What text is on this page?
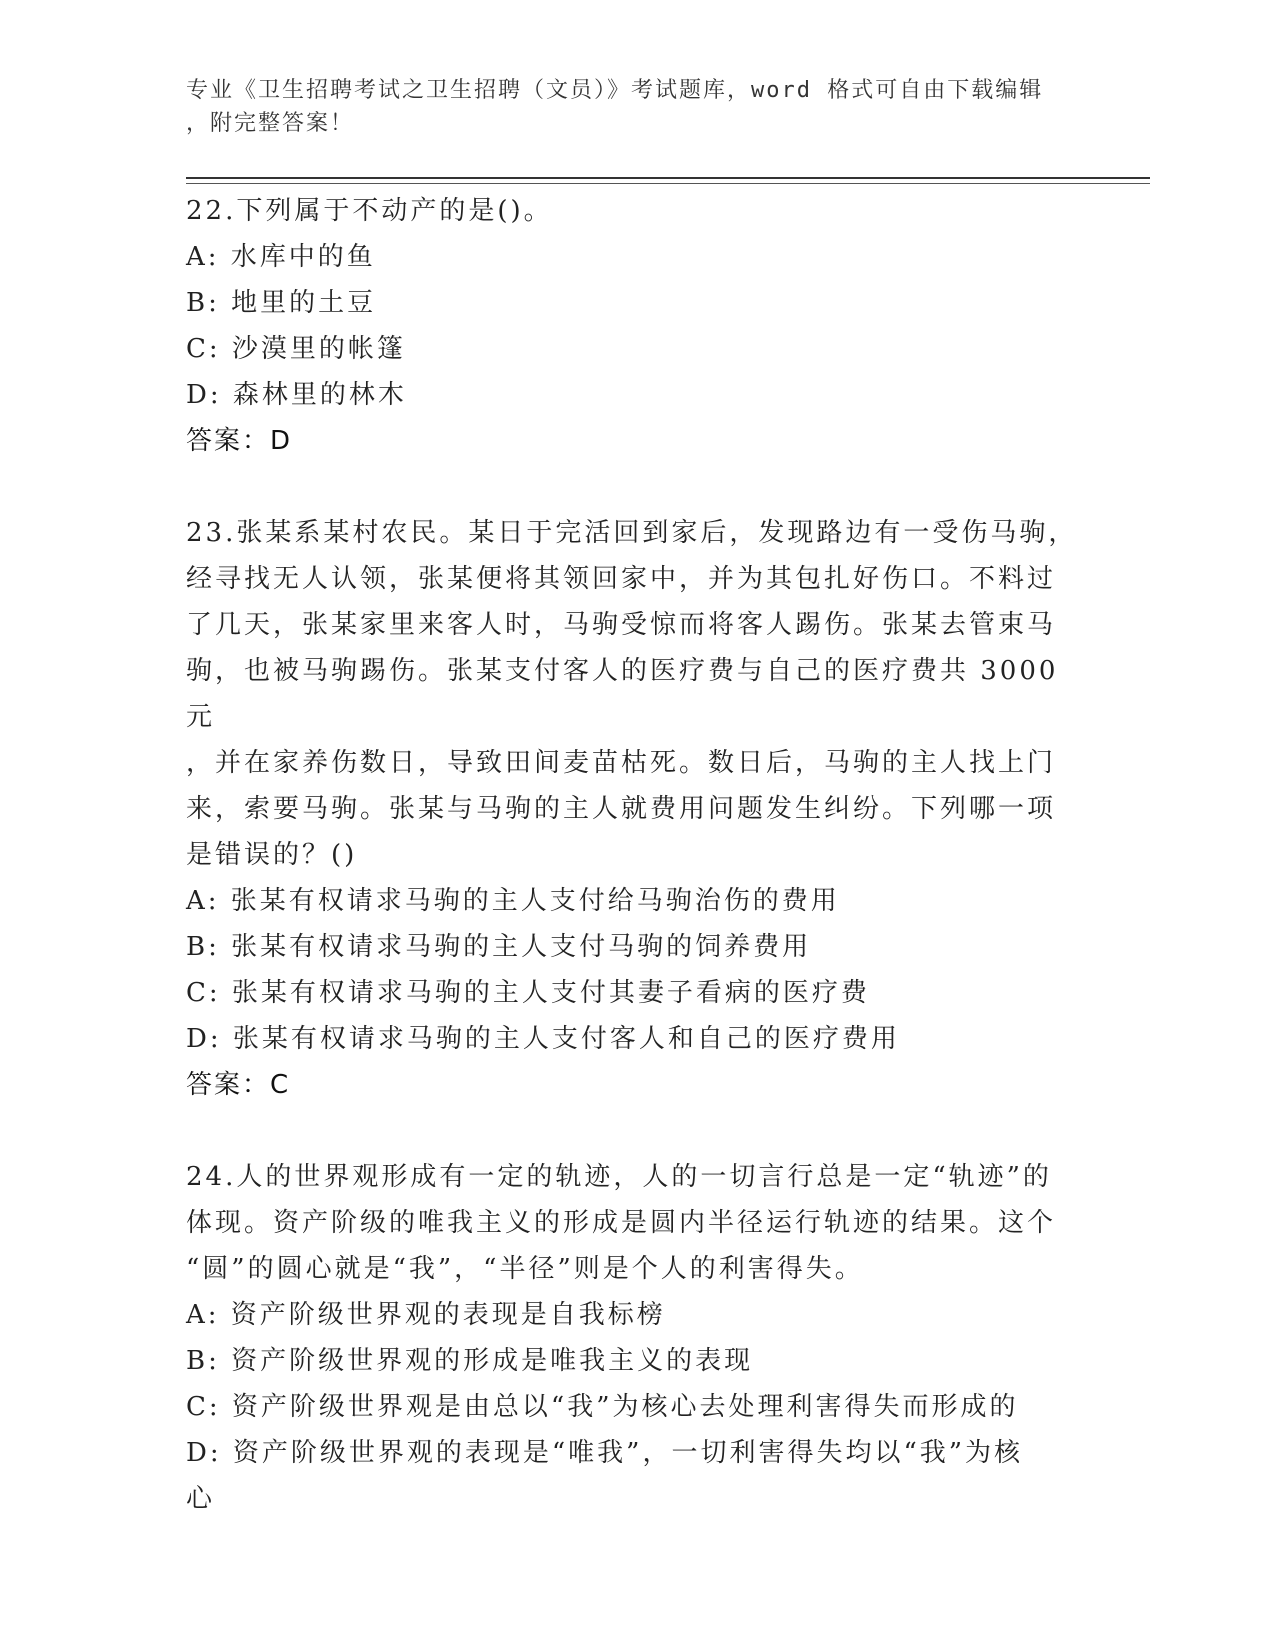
专业《卫生招聘考试之卫生招聘（文员）》考试题库，word 格式可自由下载编辑
，附完整答案！

22.下列属于不动产的是()。

A: 水库中的鱼

B: 地里的土豆

C: 沙漠里的帐篷

D: 森林里的林木

答案：D

23.张某系某村农民。某日于完活回到家后，发现路边有一受伤马驹，

经寻找无人认领，张某便将其领回家中，并为其包扎好伤口。不料过

了几天，张某家里来客人时，马驹受惊而将客人踢伤。张某去管束马

驹，也被马驹踢伤。张某支付客人的医疗费与自己的医疗费共 3000 元

，并在家养伤数日，导致田间麦苗枯死。数日后，马驹的主人找上门

来，索要马驹。张某与马驹的主人就费用问题发生纠纷。下列哪一项

是错误的？()

A: 张某有权请求马驹的主人支付给马驹治伤的费用

B: 张某有权请求马驹的主人支付马驹的饲养费用

C: 张某有权请求马驹的主人支付其妻子看病的医疗费

D: 张某有权请求马驹的主人支付客人和自己的医疗费用

答案：C

24.人的世界观形成有一定的轨迹，人的一切言行总是一定“轨迹”的

体现。资产阶级的唯我主义的形成是圆内半径运行轨迹的结果。这个

“圆”的圆心就是“我”，“半径”则是个人的利害得失。

A: 资产阶级世界观的表现是自我标榜

B: 资产阶级世界观的形成是唯我主义的表现

C: 资产阶级世界观是由总以“我”为核心去处理利害得失而形成的

D: 资产阶级世界观的表现是“唯我”，一切利害得失均以“我”为核

心
